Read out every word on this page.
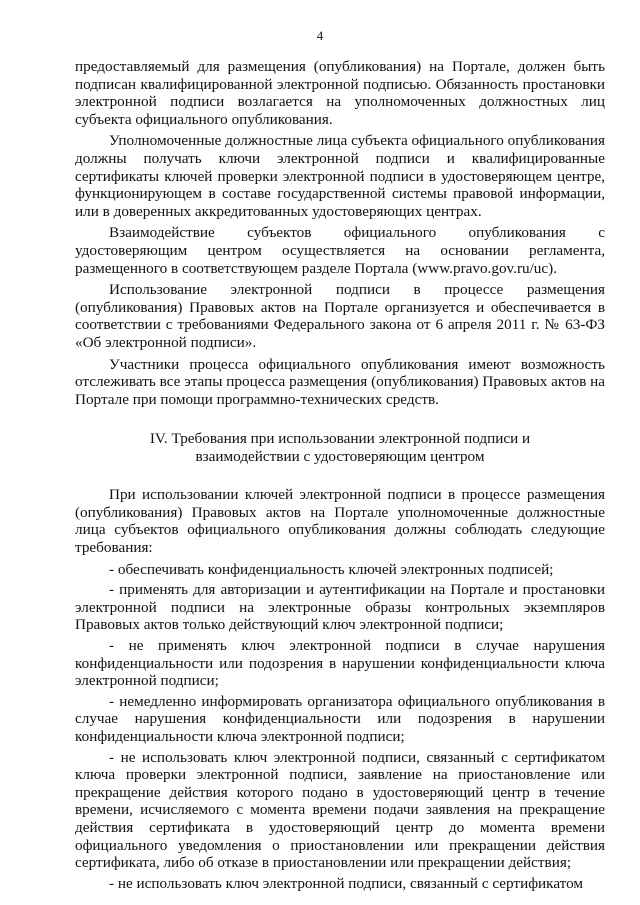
4

предоставляемый для размещения (опубликования) на Портале, должен быть подписан квалифицированной электронной подписью. Обязанность простановки электронной подписи возлагается на уполномоченных должностных лиц субъекта официального опубликования.

Уполномоченные должностные лица субъекта официального опубликования должны получать ключи электронной подписи и квалифицированные сертификаты ключей проверки электронной подписи в удостоверяющем центре, функционирующем в составе государственной системы правовой информации, или в доверенных аккредитованных удостоверяющих центрах.

Взаимодействие субъектов официального опубликования с удостоверяющим центром осуществляется на основании регламента, размещенного в соответствующем разделе Портала (www.pravo.gov.ru/uc).

Использование электронной подписи в процессе размещения (опубликования) Правовых актов на Портале организуется и обеспечивается в соответствии с требованиями Федерального закона от 6 апреля 2011 г. № 63-ФЗ «Об электронной подписи».

Участники процесса официального опубликования имеют возможность отслеживать все этапы процесса размещения (опубликования) Правовых актов на Портале при помощи программно-технических средств.

IV. Требования при использовании электронной подписи и
взаимодействии с удостоверяющим центром

При использовании ключей электронной подписи в процессе размещения (опубликования) Правовых актов на Портале уполномоченные должностные лица субъектов официального опубликования должны соблюдать следующие требования:

- обеспечивать конфиденциальность ключей электронных подписей;

- применять для авторизации и аутентификации на Портале и простановки электронной подписи на электронные образы контрольных экземпляров Правовых актов только действующий ключ электронной подписи;

- не применять ключ электронной подписи в случае нарушения конфиденциальности или подозрения в нарушении конфиденциальности ключа электронной подписи;

- немедленно информировать организатора официального опубликования в случае нарушения конфиденциальности или подозрения в нарушении конфиденциальности ключа электронной подписи;

- не использовать ключ электронной подписи, связанный с сертификатом ключа проверки электронной подписи, заявление на приостановление или прекращение действия которого подано в удостоверяющий центр в течение времени, исчисляемого с момента времени подачи заявления на прекращение действия сертификата в удостоверяющий центр до момента времени официального уведомления о приостановлении или прекращении действия сертификата, либо об отказе в приостановлении или прекращении действия;

- не использовать ключ электронной подписи, связанный с сертификатом
